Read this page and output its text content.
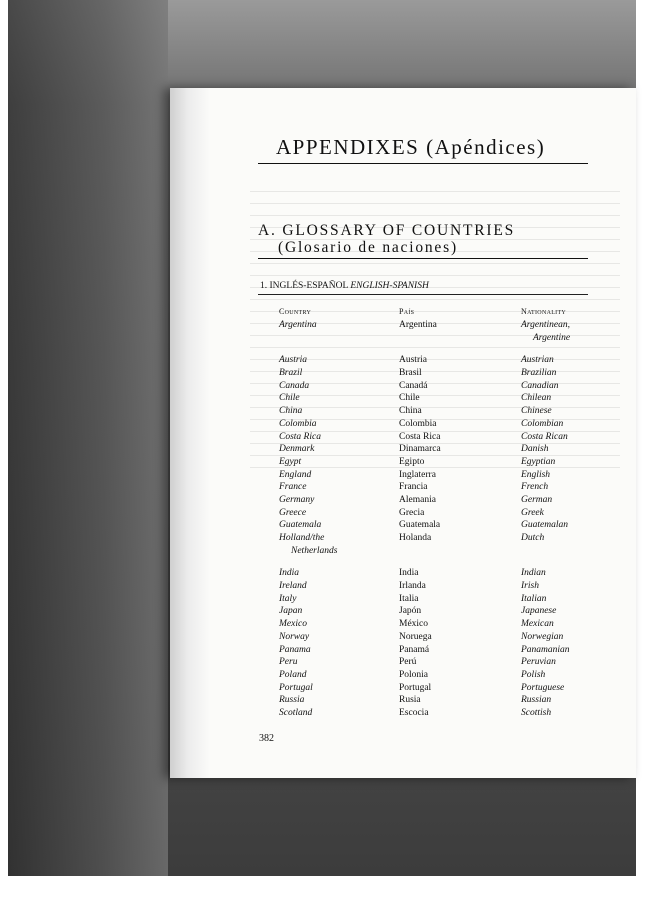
APPENDIXES (Apéndices)
A. GLOSSARY OF COUNTRIES
(Glosario de naciones)
1. INGLÉS-ESPAÑOL ENGLISH-SPANISH
Country	País	Nationality
Argentina	Argentina	Argentinean,
Argentine
Austria	Austria	Austrian
Brazil	Brasil	Brazilian
Canada	Canadá	Canadian
Chile	Chile	Chilean
China	China	Chinese
Colombia	Colombia	Colombian
Costa Rica	Costa Rica	Costa Rican
Denmark	Dinamarca	Danish
Egypt	Egipto	Egyptian
England	Inglaterra	English
France	Francia	French
Germany	Alemania	German
Greece	Grecia	Greek
Guatemala	Guatemala	Guatemalan
Holland/the	Holanda	Dutch
Netherlands
India	India	Indian
Ireland	Irlanda	Irish
Italy	Italia	Italian
Japan	Japón	Japanese
Mexico	México	Mexican
Norway	Noruega	Norwegian
Panama	Panamá	Panamanian
Peru	Perú	Peruvian
Poland	Polonia	Polish
Portugal	Portugal	Portuguese
Russia	Rusia	Russian
Scotland	Escocia	Scottish
382
